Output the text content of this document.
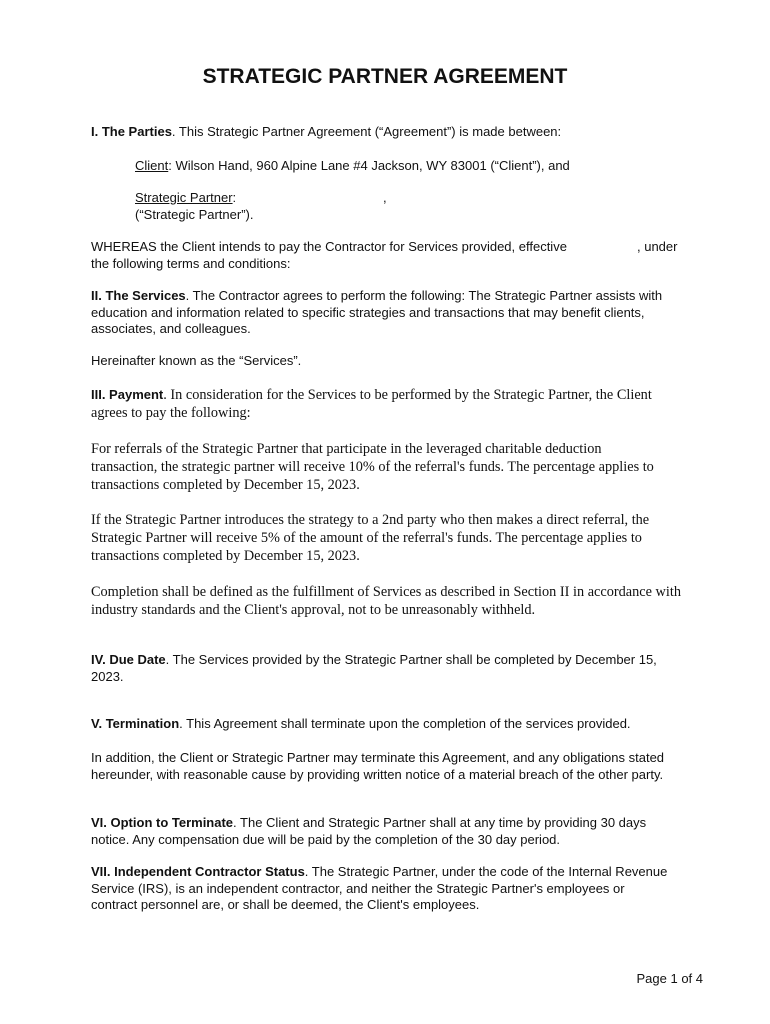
STRATEGIC PARTNER AGREEMENT

I. The Parties. This Strategic Partner Agreement (“Agreement”) is made between:

Client: Wilson Hand, 960 Alpine Lane #4 Jackson, WY 83001 (“Client”), and

Strategic Partner:	,
(“Strategic Partner”).
WHEREAS the Client intends to pay the Contractor for Services provided, effective	, under
the following terms and conditions:

II. The Services. The Contractor agrees to perform the following: The Strategic Partner assists with education and information related to specific strategies and transactions that may benefit clients, associates, and colleagues.

Hereinafter known as the “Services”.

III. Payment. In consideration for the Services to be performed by the Strategic Partner, the Client agrees to pay the following:

For referrals of the Strategic Partner that participate in the leveraged charitable deduction transaction, the strategic partner will receive 10% of the referral's funds. The percentage applies to transactions completed by December 15, 2023.

If the Strategic Partner introduces the strategy to a 2nd party who then makes a direct referral, the Strategic Partner will receive 5% of the amount of the referral's funds. The percentage applies to transactions completed by December 15, 2023.

Completion shall be defined as the fulfillment of Services as described in Section II in accordance with industry standards and the Client's approval, not to be unreasonably withheld.

IV. Due Date. The Services provided by the Strategic Partner shall be completed by December 15, 2023.

V. Termination. This Agreement shall terminate upon the completion of the services provided.

In addition, the Client or Strategic Partner may terminate this Agreement, and any obligations stated hereunder, with reasonable cause by providing written notice of a material breach of the other party.

VI. Option to Terminate. The Client and Strategic Partner shall at any time by providing 30 days notice. Any compensation due will be paid by the completion of the 30 day period.

VII. Independent Contractor Status. The Strategic Partner, under the code of the Internal Revenue Service (IRS), is an independent contractor, and neither the Strategic Partner's employees or contract personnel are, or shall be deemed, the Client's employees.

Page 1 of 4
